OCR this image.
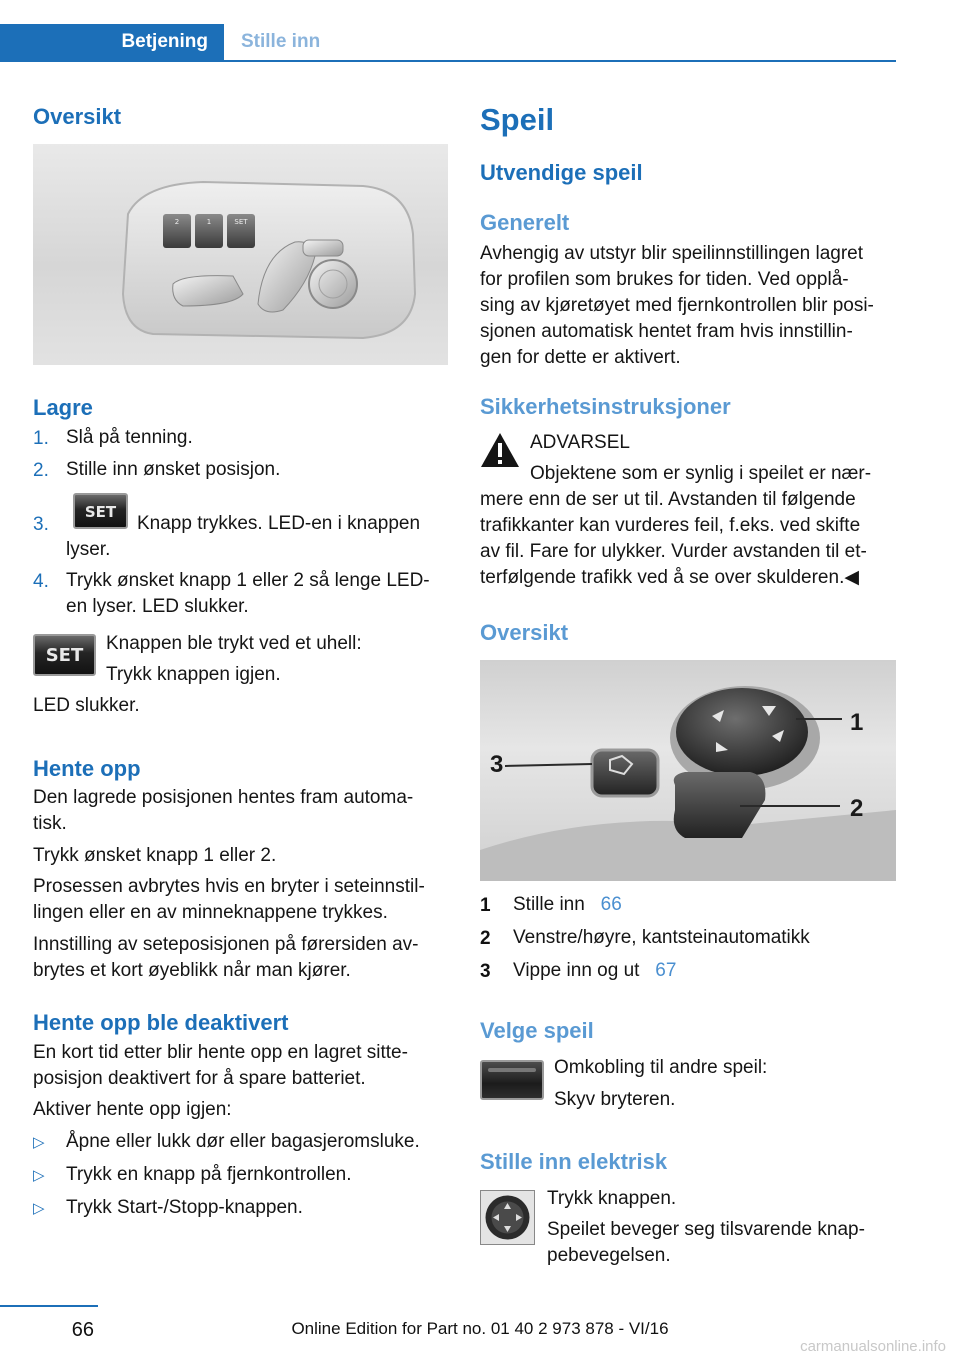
Betjening	Stille inn
Oversikt
2	1	SET
Lagre
1. Slå på tenning.
2. Stille inn ønsket posisjon.
3.
SET
Knapp trykkes. LED-en i knappen
lyser.
4. Trykk ønsket knapp 1 eller 2 så lenge LED-
en lyser. LED slukker.
SET
Knappen ble trykt ved et uhell:
Trykk knappen igjen.
LED slukker.
Hente opp
Den lagrede posisjonen hentes fram automa-
tisk.
Trykk ønsket knapp 1 eller 2.
Prosessen avbrytes hvis en bryter i seteinnstil-
lingen eller en av minneknappene trykkes.
Innstilling av seteposisjonen på førersiden av-
brytes et kort øyeblikk når man kjører.
Hente opp ble deaktivert
En kort tid etter blir hente opp en lagret sitte-
posisjon deaktivert for å spare batteriet.
Aktiver hente opp igjen:
▷ Åpne eller lukk dør eller bagasjeromsluke.
▷ Trykk en knapp på fjernkontrollen.
▷ Trykk Start-/Stopp-knappen.
Speil
Utvendige speil
Generelt
Avhengig av utstyr blir speilinnstillingen lagret
for profilen som brukes for tiden. Ved opplå-
sing av kjøretøyet med fjernkontrollen blir posi-
sjonen automatisk hentet fram hvis innstillin-
gen for dette er aktivert.
Sikkerhetsinstruksjoner
ADVARSEL
Objektene som er synlig i speilet er nær-
mere enn de ser ut til. Avstanden til følgende
trafikkanter kan vurderes feil, f.eks. ved skifte
av fil. Fare for ulykker. Vurder avstanden til et-
terfølgende trafikk ved å se over skulderen.◀
Oversikt
3
1
2
1 Stille inn 66
2 Venstre/høyre, kantsteinautomatikk
3 Vippe inn og ut 67
Velge speil
Omkobling til andre speil:
Skyv bryteren.
Stille inn elektrisk
Trykk knappen.
Speilet beveger seg tilsvarende knap-
pebevegelsen.
66	Online Edition for Part no. 01 40 2 973 878 - VI/16
carmanualsonline.info
